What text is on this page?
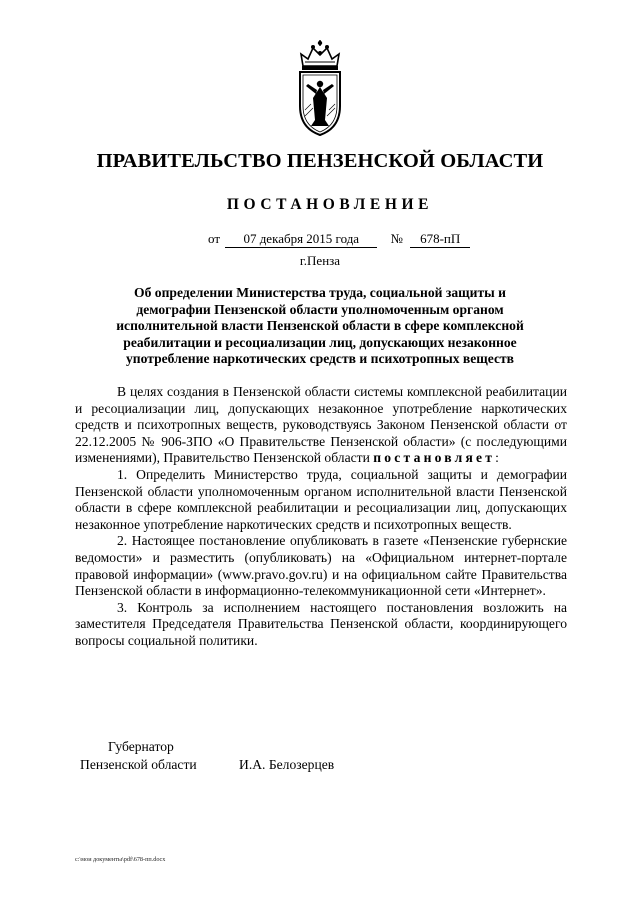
ПРАВИТЕЛЬСТВО ПЕНЗЕНСКОЙ ОБЛАСТИ
ПОСТАНОВЛЕНИЕ
от 07 декабря 2015 года № 678-пП
г.Пенза
Об определении Министерства труда, социальной защиты и демографии Пензенской области уполномоченным органом исполнительной власти Пензенской области в сфере комплексной реабилитации и ресоциализации лиц, допускающих незаконное употребление наркотических средств и психотропных веществ

В целях создания в Пензенской области системы комплексной реабилитации и ресоциализации лиц, допускающих незаконное употребление наркотических средств и психотропных веществ, руководствуясь Законом Пензенской области от 22.12.2005 № 906-ЗПО «О Правительстве Пензенской области» (с последующими изменениями), Правительство Пензенской области постановляет:

1. Определить Министерство труда, социальной защиты и демографии Пензенской области уполномоченным органом исполнительной власти Пензенской области в сфере комплексной реабилитации и ресоциализации лиц, допускающих незаконное употребление наркотических средств и психотропных веществ.

2. Настоящее постановление опубликовать в газете «Пензенские губернские ведомости» и разместить (опубликовать) на «Официальном интернет-портале правовой информации» (www.pravo.gov.ru) и на официальном сайте Правительства Пензенской области в информационно-телекоммуникационной сети «Интернет».

3. Контроль за исполнением настоящего постановления возложить на заместителя Председателя Правительства Пензенской области, координирующего вопросы социальной политики.

Губернатор
Пензенской области	И.А. Белозерцев
c:\мои документы\pdf\678-пп.docx
